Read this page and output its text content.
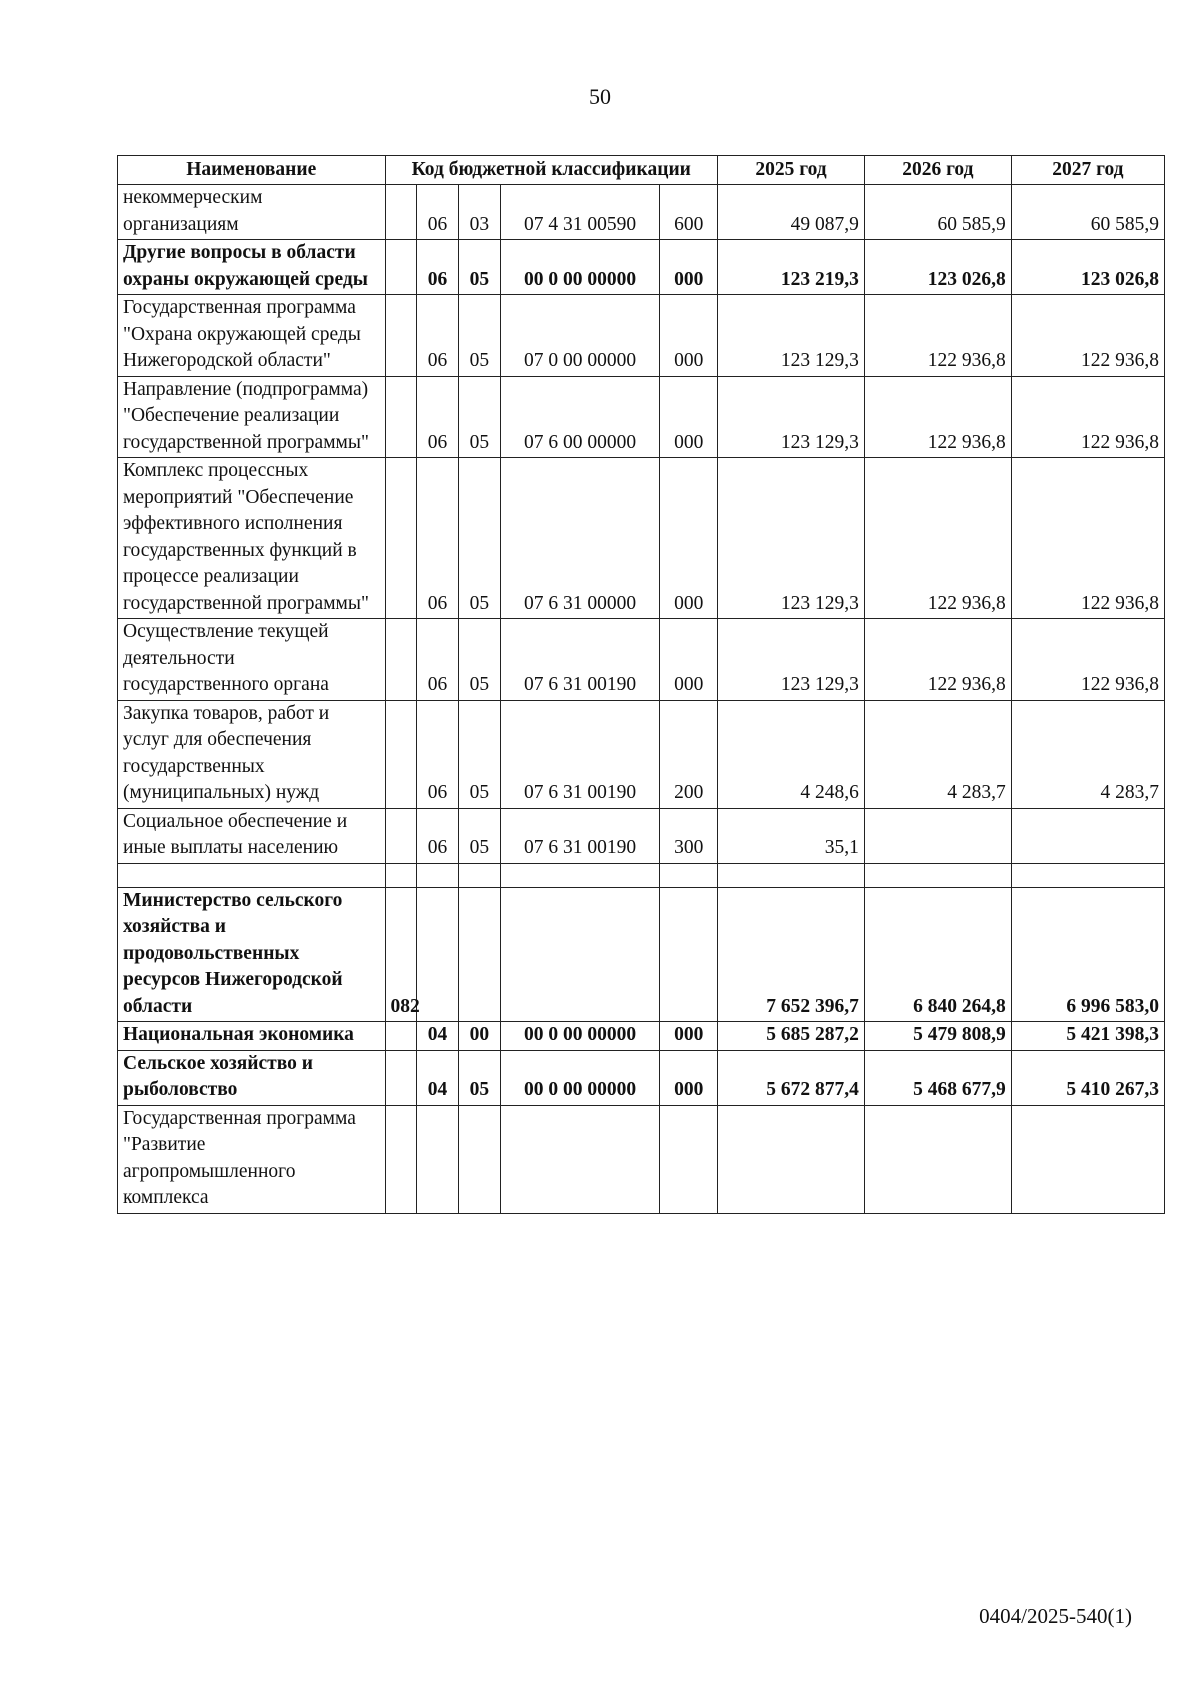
50
Наименование	Код бюджетной классификации					2025 год	2026 год	2027 год
некоммерческим организациям		06	03	07 4 31 00590	600	49 087,9	60 585,9	60 585,9
Другие вопросы в области охраны окружающей среды		06	05	00 0 00 00000	000	123 219,3	123 026,8	123 026,8
Государственная программа "Охрана окружающей среды Нижегородской области"		06	05	07 0 00 00000	000	123 129,3	122 936,8	122 936,8
Направление (подпрограмма) "Обеспечение реализации государственной программы"		06	05	07 6 00 00000	000	123 129,3	122 936,8	122 936,8
Комплекс процессных мероприятий "Обеспечение эффективного исполнения государственных функций в процессе реализации государственной программы"		06	05	07 6 31 00000	000	123 129,3	122 936,8	122 936,8
Осуществление текущей деятельности государственного органа		06	05	07 6 31 00190	000	123 129,3	122 936,8	122 936,8
Закупка товаров, работ и услуг для обеспечения государственных (муниципальных) нужд		06	05	07 6 31 00190	200	4 248,6	4 283,7	4 283,7
Социальное обеспечение и иные выплаты населению		06	05	07 6 31 00190	300	35,1		

Министерство сельского хозяйства и продовольственных ресурсов Нижегородской области	082					7 652 396,7	6 840 264,8	6 996 583,0
Национальная экономика		04	00	00 0 00 00000	000	5 685 287,2	5 479 808,9	5 421 398,3
Сельское хозяйство и рыболовство		04	05	00 0 00 00000	000	5 672 877,4	5 468 677,9	5 410 267,3
Государственная программа "Развитие агропромышленного комплекса								
0404/2025-540(1)
